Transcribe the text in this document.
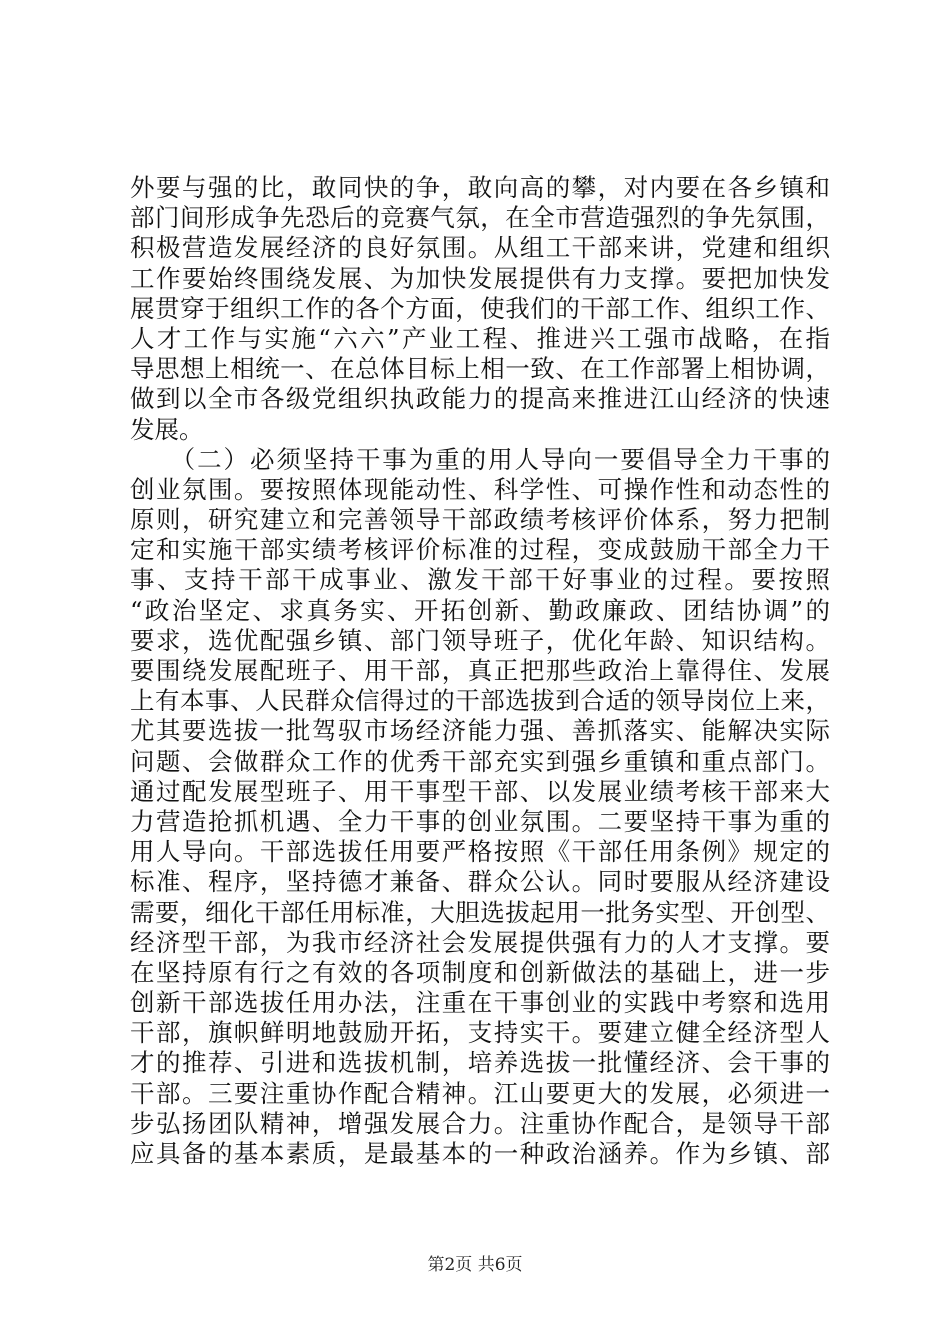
外要与强的比，敢同快的争，敢向高的攀，对内要在各乡镇和
部门间形成争先恐后的竞赛气氛，在全市营造强烈的争先氛围，
积极营造发展经济的良好氛围。从组工干部来讲，党建和组织
工作要始终围绕发展、为加快发展提供有力支撑。要把加快发
展贯穿于组织工作的各个方面，使我们的干部工作、组织工作、
人才工作与实施“六六”产业工程、推进兴工强市战略，在指
导思想上相统一、在总体目标上相一致、在工作部署上相协调，
做到以全市各级党组织执政能力的提高来推进江山经济的快速
发展。
　　（二）必须坚持干事为重的用人导向一要倡导全力干事的
创业氛围。要按照体现能动性、科学性、可操作性和动态性的
原则，研究建立和完善领导干部政绩考核评价体系，努力把制
定和实施干部实绩考核评价标准的过程，变成鼓励干部全力干
事、支持干部干成事业、激发干部干好事业的过程。要按照
“政治坚定、求真务实、开拓创新、勤政廉政、团结协调”的
要求，选优配强乡镇、部门领导班子，优化年龄、知识结构。
要围绕发展配班子、用干部，真正把那些政治上靠得住、发展
上有本事、人民群众信得过的干部选拔到合适的领导岗位上来，
尤其要选拔一批驾驭市场经济能力强、善抓落实、能解决实际
问题、会做群众工作的优秀干部充实到强乡重镇和重点部门。
通过配发展型班子、用干事型干部、以发展业绩考核干部来大
力营造抢抓机遇、全力干事的创业氛围。二要坚持干事为重的
用人导向。干部选拔任用要严格按照《干部任用条例》规定的
标准、程序，坚持德才兼备、群众公认。同时要服从经济建设
需要，细化干部任用标准，大胆选拔起用一批务实型、开创型、
经济型干部，为我市经济社会发展提供强有力的人才支撑。要
在坚持原有行之有效的各项制度和创新做法的基础上，进一步
创新干部选拔任用办法，注重在干事创业的实践中考察和选用
干部，旗帜鲜明地鼓励开拓，支持实干。要建立健全经济型人
才的推荐、引进和选拔机制，培养选拔一批懂经济、会干事的
干部。三要注重协作配合精神。江山要更大的发展，必须进一
步弘扬团队精神，增强发展合力。注重协作配合，是领导干部
应具备的基本素质，是最基本的一种政治涵养。作为乡镇、部
第2页 共6页
